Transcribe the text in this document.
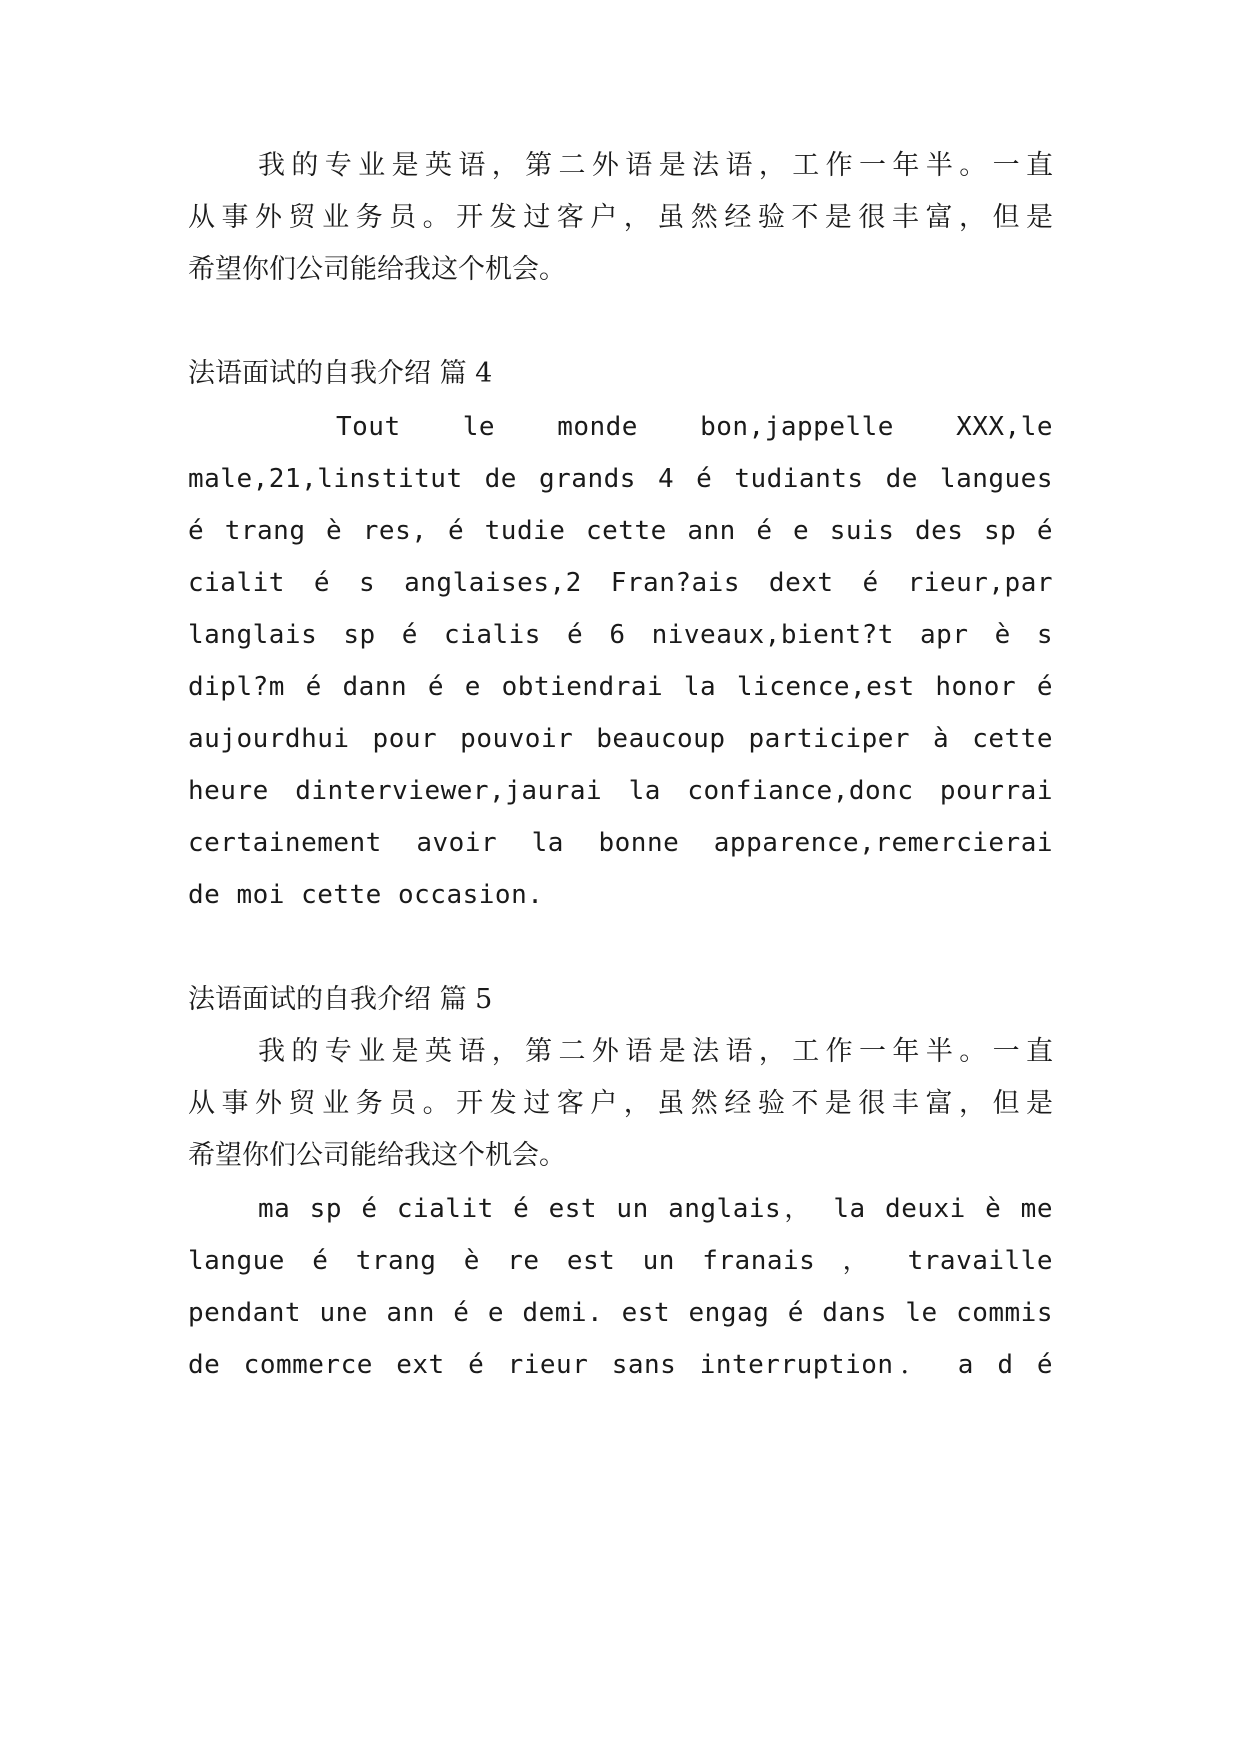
我的专业是英语，第二外语是法语，工作一年半。一直
从事外贸业务员。开发过客户，虽然经验不是很丰富，但是
希望你们公司能给我这个机会。
法语面试的自我介绍 篇 4
Tout le monde bon,jappelle XXX,le
male,21,linstitut de grands 4 é tudiants de langues
é trang è res, é tudie cette ann é e suis des sp é
cialit é s anglaises,2 Fran?ais dext é rieur,par
langlais sp é cialis é 6 niveaux,bient?t apr è s
dipl?m é dann é e obtiendrai la licence,est honor é
aujourdhui pour pouvoir beaucoup participer à cette
heure dinterviewer,jaurai la confiance,donc pourrai
certainement avoir la bonne apparence,remercierai
de moi cette occasion.
法语面试的自我介绍 篇 5
我的专业是英语，第二外语是法语，工作一年半。一直
从事外贸业务员。开发过客户，虽然经验不是很丰富，但是
希望你们公司能给我这个机会。
ma sp é cialit é est un anglais， la deuxi è me
langue é trang è re est un franais ， travaille
pendant une ann é e demi. est engag é dans le commis
de commerce ext é rieur sans interruption． a d é
